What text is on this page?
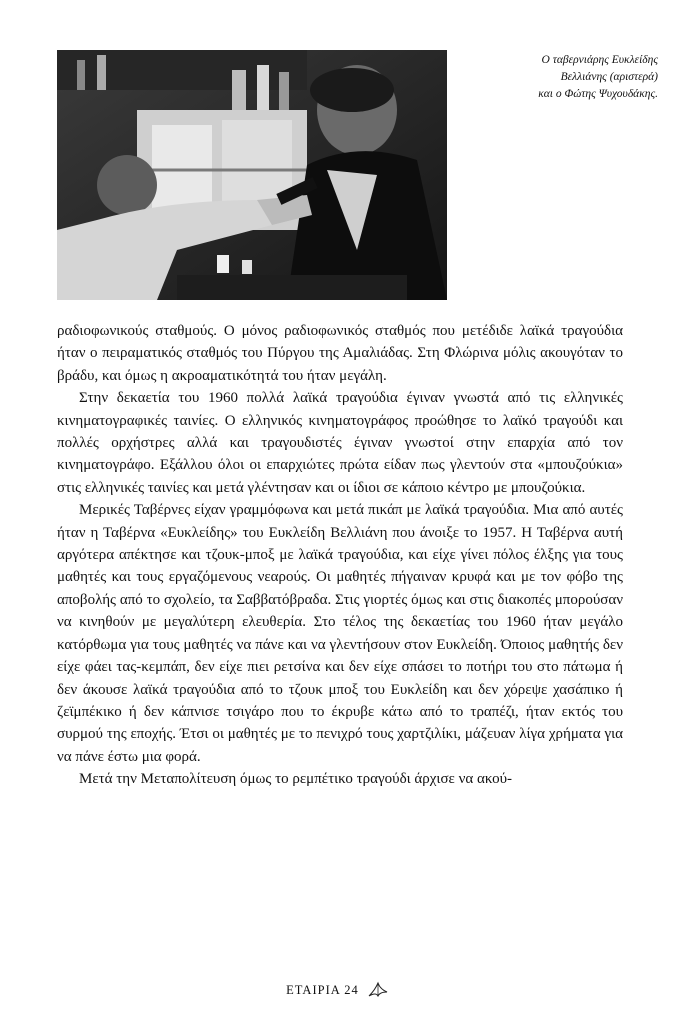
Ο ταβερνιάρης Ευκλείδης
Βελλιάνης (αριστερά)
και ο Φώτης Ψυχουδάκης.

ραδιοφωνικούς σταθμούς. Ο μόνος ραδιοφωνικός σταθμός που μετέδιδε λαϊκά τραγούδια ήταν ο πειραματικός σταθμός του Πύργου της Αμαλιάδας. Στη Φλώρινα μόλις ακουγόταν το βράδυ, και όμως η ακροαματικότητά του ήταν μεγάλη.

Στην δεκαετία του 1960 πολλά λαϊκά τραγούδια έγιναν γνωστά από τις ελληνικές κινηματογραφικές ταινίες. Ο ελληνικός κινηματογράφος προώθησε το λαϊκό τραγούδι και πολλές ορχήστρες αλλά και τραγουδιστές έγιναν γνωστοί στην επαρχία από τον κινηματογράφο. Εξάλλου όλοι οι επαρχιώτες πρώτα είδαν πως γλεντούν στα «μπουζούκια» στις ελληνικές ταινίες και μετά γλέντησαν και οι ίδιοι σε κάποιο κέντρο με μπουζούκια.

Μερικές Ταβέρνες είχαν γραμμόφωνα και μετά πικάπ με λαϊκά τραγούδια. Μια από αυτές ήταν η Ταβέρνα «Ευκλείδης» του Ευκλείδη Βελλιάνη που άνοιξε το 1957. Η Ταβέρνα αυτή αργότερα απέκτησε και τζουκ-μποξ με λαϊκά τραγούδια, και είχε γίνει πόλος έλξης για τους μαθητές και τους εργαζόμενους νεαρούς. Οι μαθητές πήγαιναν κρυφά και με τον φόβο της αποβολής από το σχολείο, τα Σαββατόβραδα. Στις γιορτές όμως και στις διακοπές μπορούσαν να κινηθούν με μεγαλύτερη ελευθερία. Στο τέλος της δεκαετίας του 1960 ήταν μεγάλο κατόρθωμα για τους μαθητές να πάνε και να γλεντήσουν στον Ευκλείδη. Όποιος μαθητής δεν είχε φάει τας-κεμπάπ, δεν είχε πιει ρετσίνα και δεν είχε σπάσει το ποτήρι του στο πάτωμα ή δεν άκουσε λαϊκά τραγούδια από το τζουκ μποξ του Ευκλείδη και δεν χόρεψε χασάπικο ή ζεϊμπέκικο ή δεν κάπνισε τσιγάρο που το έκρυβε κάτω από το τραπέζι, ήταν εκτός του συρμού της εποχής. Έτσι οι μαθητές με το πενιχρό τους χαρτζιλίκι, μάζευαν λίγα χρήματα για να πάνε έστω μια φορά.

Μετά την Μεταπολίτευση όμως το ρεμπέτικο τραγούδι άρχισε να ακού-

ΕΤΑΙΡΙΑ 24
